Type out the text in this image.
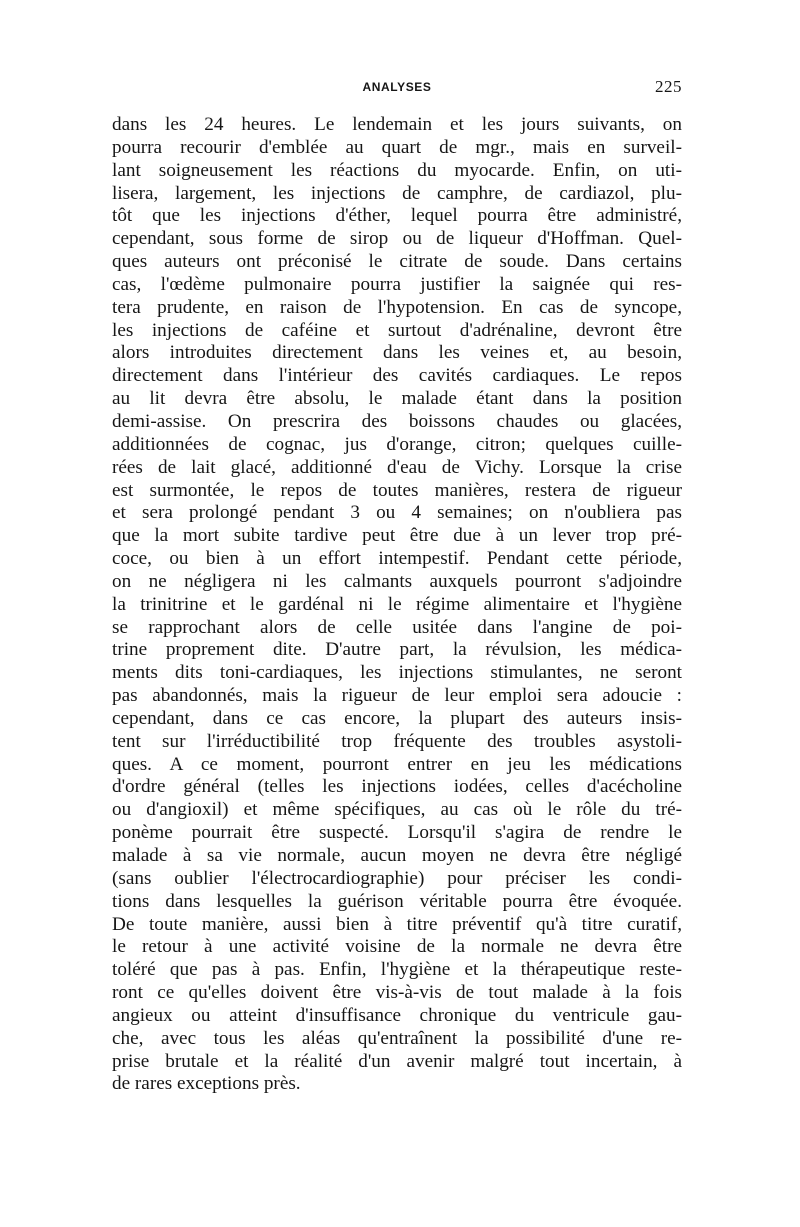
ANALYSES	225
dans les 24 heures. Le lendemain et les jours suivants, on
pourra recourir d'emblée au quart de mgr., mais en surveil-
lant soigneusement les réactions du myocarde. Enfin, on uti-
lisera, largement, les injections de camphre, de cardiazol, plu-
tôt que les injections d'éther, lequel pourra être administré,
cependant, sous forme de sirop ou de liqueur d'Hoffman. Quel-
ques auteurs ont préconisé le citrate de soude. Dans certains
cas, l'œdème pulmonaire pourra justifier la saignée qui res-
tera prudente, en raison de l'hypotension. En cas de syncope,
les injections de caféine et surtout d'adrénaline, devront être
alors introduites directement dans les veines et, au besoin,
directement dans l'intérieur des cavités cardiaques. Le repos
au lit devra être absolu, le malade étant dans la position
demi-assise. On prescrira des boissons chaudes ou glacées,
additionnées de cognac, jus d'orange, citron; quelques cuille-
rées de lait glacé, additionné d'eau de Vichy. Lorsque la crise
est surmontée, le repos de toutes manières, restera de rigueur
et sera prolongé pendant 3 ou 4 semaines; on n'oubliera pas
que la mort subite tardive peut être due à un lever trop pré-
coce, ou bien à un effort intempestif. Pendant cette période,
on ne négligera ni les calmants auxquels pourront s'adjoindre
la trinitrine et le gardénal ni le régime alimentaire et l'hygiène
se rapprochant alors de celle usitée dans l'angine de poi-
trine proprement dite. D'autre part, la révulsion, les médica-
ments dits toni-cardiaques, les injections stimulantes, ne seront
pas abandonnés, mais la rigueur de leur emploi sera adoucie :
cependant, dans ce cas encore, la plupart des auteurs insis-
tent sur l'irréductibilité trop fréquente des troubles asystoli-
ques. A ce moment, pourront entrer en jeu les médications
d'ordre général (telles les injections iodées, celles d'acécholine
ou d'angioxil) et même spécifiques, au cas où le rôle du tré-
ponème pourrait être suspecté. Lorsqu'il s'agira de rendre le
malade à sa vie normale, aucun moyen ne devra être négligé
(sans oublier l'électrocardiographie) pour préciser les condi-
tions dans lesquelles la guérison véritable pourra être évoquée.
De toute manière, aussi bien à titre préventif qu'à titre curatif,
le retour à une activité voisine de la normale ne devra être
toléré que pas à pas. Enfin, l'hygiène et la thérapeutique reste-
ront ce qu'elles doivent être vis-à-vis de tout malade à la fois
angieux ou atteint d'insuffisance chronique du ventricule gau-
che, avec tous les aléas qu'entraînent la possibilité d'une re-
prise brutale et la réalité d'un avenir malgré tout incertain, à
de rares exceptions près.
